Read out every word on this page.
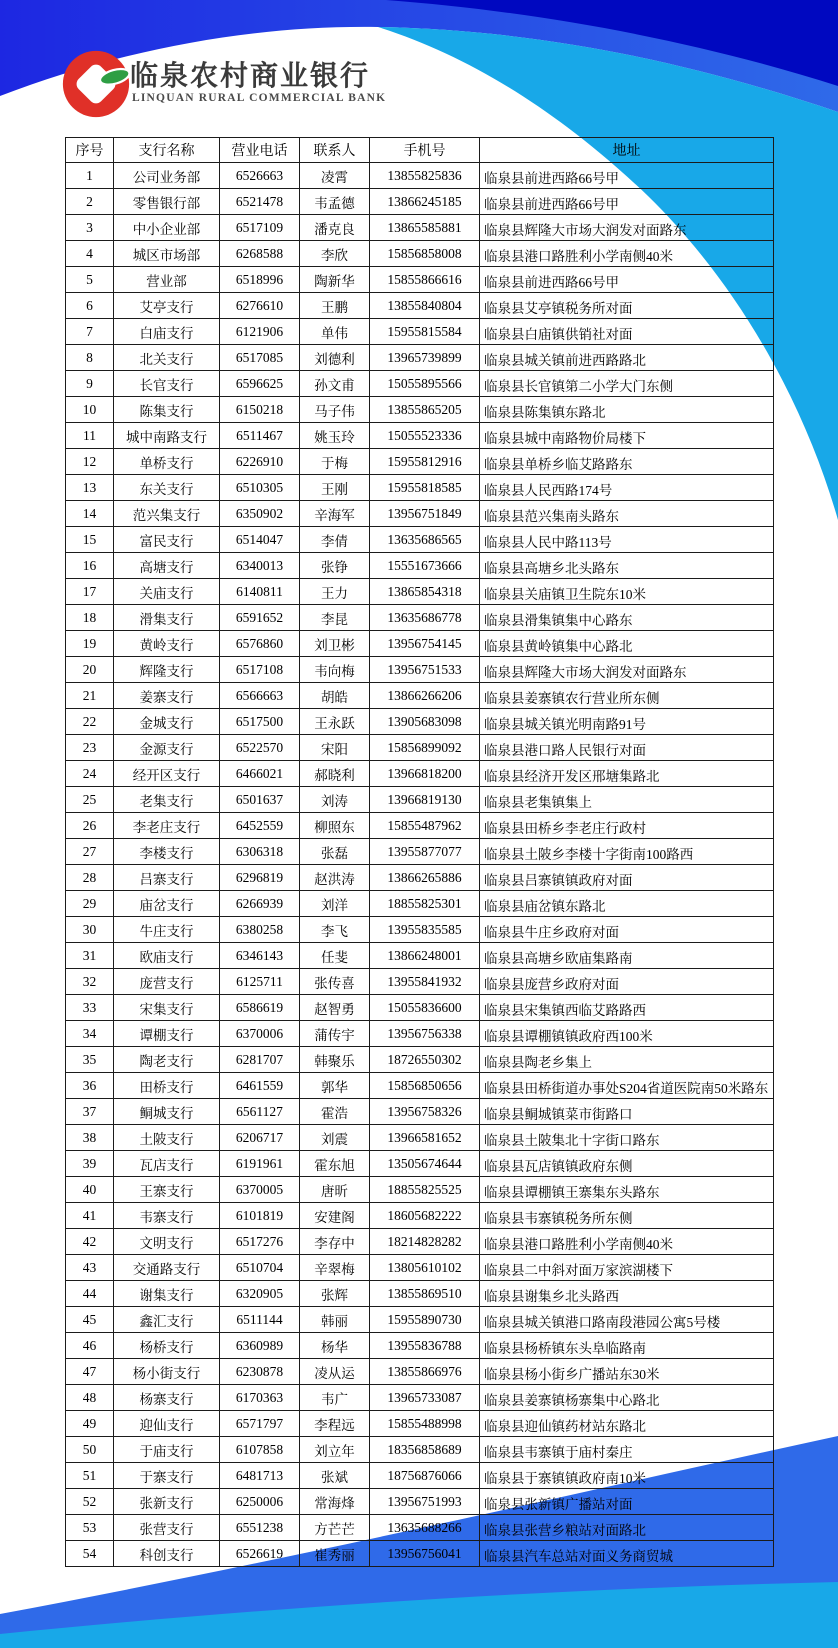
临泉农村商业银行
LINQUAN RURAL COMMERCIAL BANK
序号	支行名称	营业电话	联系人	手机号	地址
1	公司业务部	6526663	凌霄	13855825836	临泉县前进西路66号甲
2	零售银行部	6521478	韦孟德	13866245185	临泉县前进西路66号甲
3	中小企业部	6517109	潘克良	13865585881	临泉县辉隆大市场大润发对面路东
4	城区市场部	6268588	李欣	15856858008	临泉县港口路胜利小学南侧40米
5	营业部	6518996	陶新华	15855866616	临泉县前进西路66号甲
6	艾亭支行	6276610	王鹏	13855840804	临泉县艾亭镇税务所对面
7	白庙支行	6121906	单伟	15955815584	临泉县白庙镇供销社对面
8	北关支行	6517085	刘德利	13965739899	临泉县城关镇前进西路路北
9	长官支行	6596625	孙文甫	15055895566	临泉县长官镇第二小学大门东侧
10	陈集支行	6150218	马子伟	13855865205	临泉县陈集镇东路北
11	城中南路支行	6511467	姚玉玲	15055523336	临泉县城中南路物价局楼下
12	单桥支行	6226910	于梅	15955812916	临泉县单桥乡临艾路路东
13	东关支行	6510305	王刚	15955818585	临泉县人民西路174号
14	范兴集支行	6350902	辛海军	13956751849	临泉县范兴集南头路东
15	富民支行	6514047	李倩	13635686565	临泉县人民中路113号
16	高塘支行	6340013	张铮	15551673666	临泉县高塘乡北头路东
17	关庙支行	6140811	王力	13865854318	临泉县关庙镇卫生院东10米
18	滑集支行	6591652	李昆	13635686778	临泉县滑集镇集中心路东
19	黄岭支行	6576860	刘卫彬	13956754145	临泉县黄岭镇集中心路北
20	辉隆支行	6517108	韦向梅	13956751533	临泉县辉隆大市场大润发对面路东
21	姜寨支行	6566663	胡皓	13866266206	临泉县姜寨镇农行营业所东侧
22	金城支行	6517500	王永跃	13905683098	临泉县城关镇光明南路91号
23	金源支行	6522570	宋阳	15856899092	临泉县港口路人民银行对面
24	经开区支行	6466021	郝晓利	13966818200	临泉县经济开发区邢塘集路北
25	老集支行	6501637	刘涛	13966819130	临泉县老集镇集上
26	李老庄支行	6452559	柳照东	15855487962	临泉县田桥乡李老庄行政村
27	李楼支行	6306318	张磊	13955877077	临泉县土陂乡李楼十字街南100路西
28	吕寨支行	6296819	赵洪涛	13866265886	临泉县吕寨镇镇政府对面
29	庙岔支行	6266939	刘洋	18855825301	临泉县庙岔镇东路北
30	牛庄支行	6380258	李飞	13955835585	临泉县牛庄乡政府对面
31	欧庙支行	6346143	任斐	13866248001	临泉县高塘乡欧庙集路南
32	庞营支行	6125711	张传喜	13955841932	临泉县庞营乡政府对面
33	宋集支行	6586619	赵智勇	15055836600	临泉县宋集镇西临艾路路西
34	谭棚支行	6370006	蒲传宇	13956756338	临泉县谭棚镇镇政府西100米
35	陶老支行	6281707	韩聚乐	18726550302	临泉县陶老乡集上
36	田桥支行	6461559	郭华	15856850656	临泉县田桥街道办事处S204省道医院南50米路东
37	鲖城支行	6561127	霍浩	13956758326	临泉县鲖城镇菜市街路口
38	土陂支行	6206717	刘震	13966581652	临泉县土陂集北十字街口路东
39	瓦店支行	6191961	霍东旭	13505674644	临泉县瓦店镇镇政府东侧
40	王寨支行	6370005	唐昕	18855825525	临泉县谭棚镇王寨集东头路东
41	韦寨支行	6101819	安建阁	18605682222	临泉县韦寨镇税务所东侧
42	文明支行	6517276	李存中	18214828282	临泉县港口路胜利小学南侧40米
43	交通路支行	6510704	辛翠梅	13805610102	临泉县二中斜对面万家滨湖楼下
44	谢集支行	6320905	张辉	13855869510	临泉县谢集乡北头路西
45	鑫汇支行	6511144	韩丽	15955890730	临泉县城关镇港口路南段港园公寓5号楼
46	杨桥支行	6360989	杨华	13955836788	临泉县杨桥镇东头阜临路南
47	杨小街支行	6230878	凌从运	13855866976	临泉县杨小街乡广播站东30米
48	杨寨支行	6170363	韦广	13965733087	临泉县姜寨镇杨寨集中心路北
49	迎仙支行	6571797	李程远	15855488998	临泉县迎仙镇药材站东路北
50	于庙支行	6107858	刘立年	18356858689	临泉县韦寨镇于庙村秦庄
51	于寨支行	6481713	张斌	18756876066	临泉县于寨镇镇政府南10米
52	张新支行	6250006	常海烽	13956751993	临泉县张新镇广播站对面
53	张营支行	6551238	方芒芒	13635688266	临泉县张营乡粮站对面路北
54	科创支行	6526619	崔秀丽	13956756041	临泉县汽车总站对面义务商贸城
